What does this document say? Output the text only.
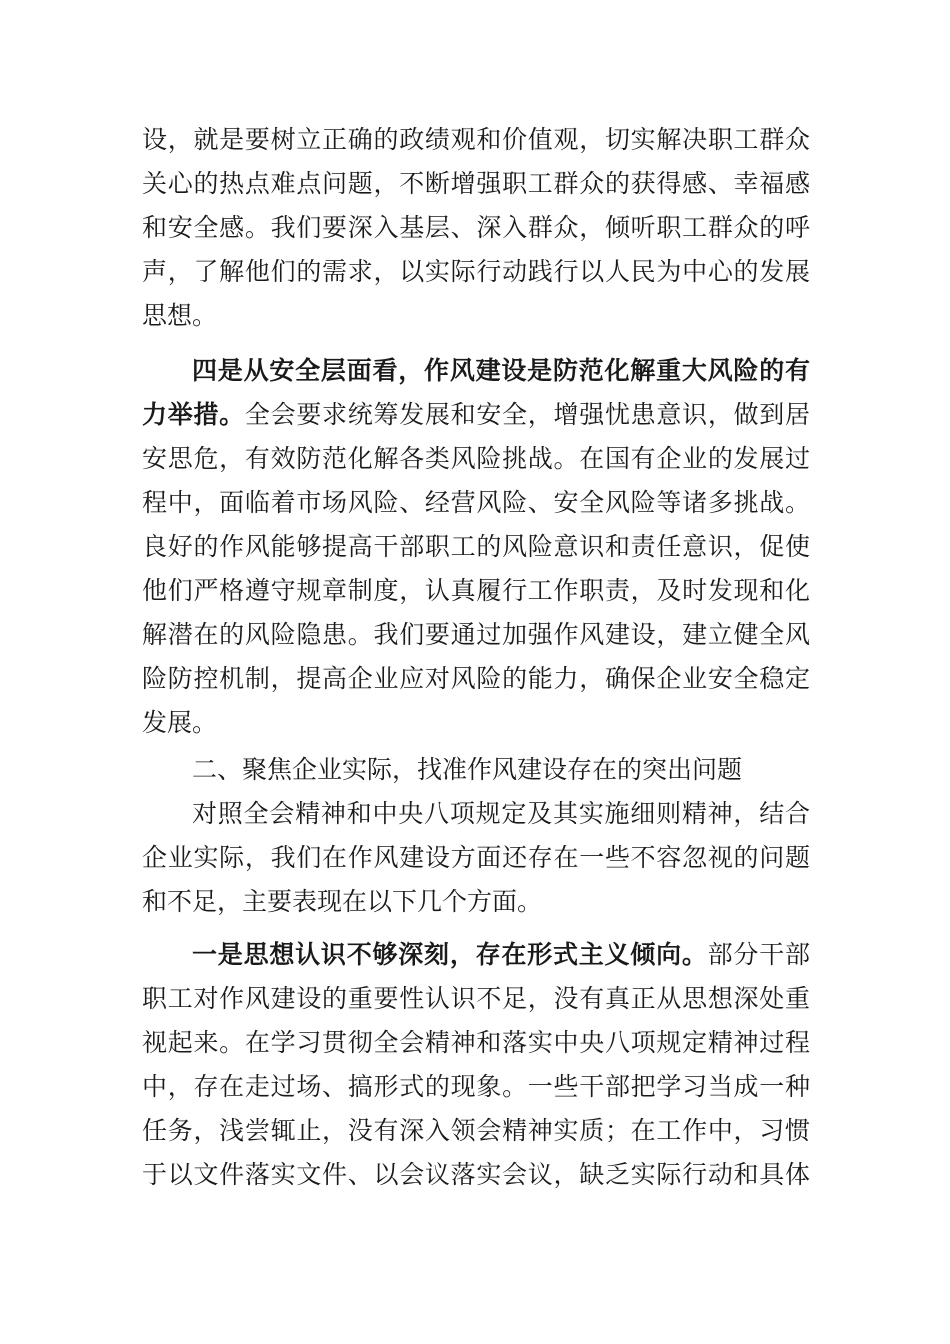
设，就是要树立正确的政绩观和价值观，切实解决职工群众
关心的热点难点问题，不断增强职工群众的获得感、幸福感
和安全感。我们要深入基层、深入群众，倾听职工群众的呼
声，了解他们的需求，以实际行动践行以人民为中心的发展
思想。
四是从安全层面看，作风建设是防范化解重大风险的有
力举措。全会要求统筹发展和安全，增强忧患意识，做到居
安思危，有效防范化解各类风险挑战。在国有企业的发展过
程中，面临着市场风险、经营风险、安全风险等诸多挑战。
良好的作风能够提高干部职工的风险意识和责任意识，促使
他们严格遵守规章制度，认真履行工作职责，及时发现和化
解潜在的风险隐患。我们要通过加强作风建设，建立健全风
险防控机制，提高企业应对风险的能力，确保企业安全稳定
发展。
二、聚焦企业实际，找准作风建设存在的突出问题
对照全会精神和中央八项规定及其实施细则精神，结合
企业实际，我们在作风建设方面还存在一些不容忽视的问题
和不足，主要表现在以下几个方面。
一是思想认识不够深刻，存在形式主义倾向。部分干部
职工对作风建设的重要性认识不足，没有真正从思想深处重
视起来。在学习贯彻全会精神和落实中央八项规定精神过程
中，存在走过场、搞形式的现象。一些干部把学习当成一种
任务，浅尝辄止，没有深入领会精神实质；在工作中，习惯
于以文件落实文件、以会议落实会议，缺乏实际行动和具体
